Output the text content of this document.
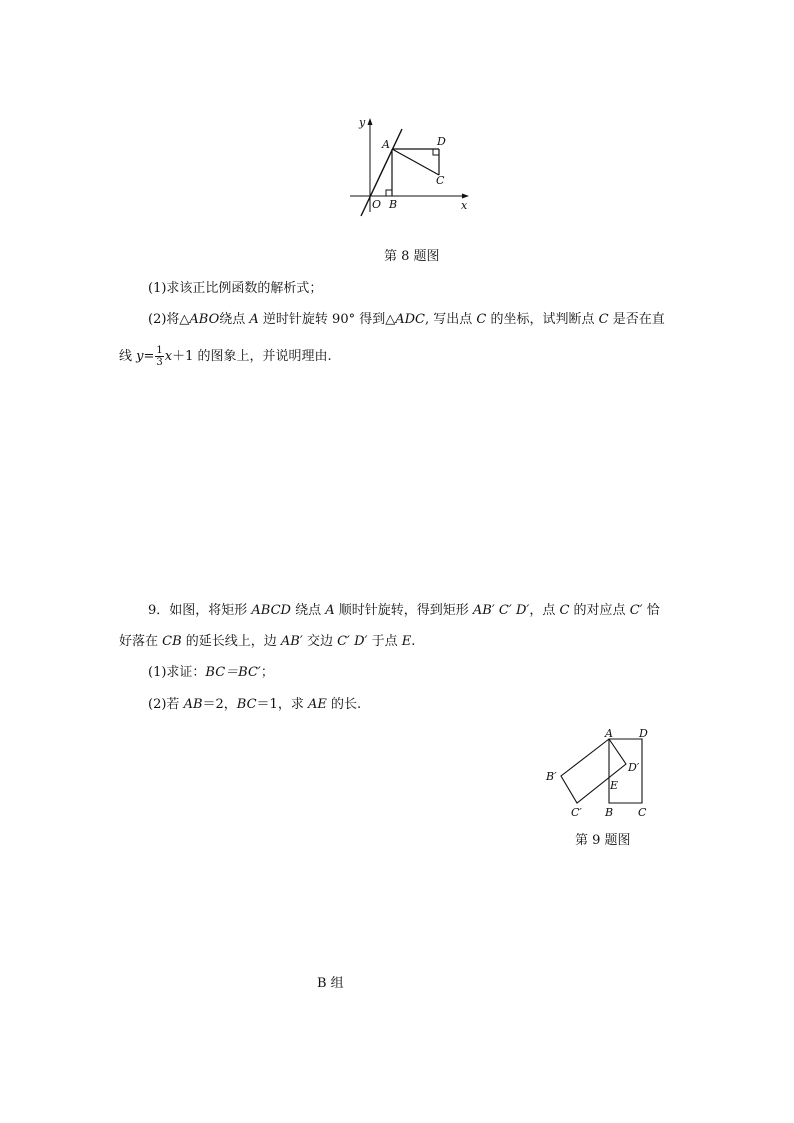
y
x
A	D
C
O B
第 8 题图
(1)求该正比例函数的解析式；
(2)将△ABO绕点 A 逆时针旋转 90° 得到△ADC, 写出点 C 的坐标，试判断点 C 是否在直
线 $y= \frac{1}{3} x+1$ 的图象上，并说明理由.
9．如图，将矩形 ABCD 绕点 A 顺时针旋转，得到矩形 AB′ C′ D′，点 C 的对应点 C′ 恰
好落在 CB 的延长线上，边 AB′ 交边 C′ D′ 于点 E.
(1)求证：BC＝BC′；
(2)若 AB＝2，BC＝1，求 AE 的长.
A D
B′
D′
E
C′ B C
第 9 题图
B 组
